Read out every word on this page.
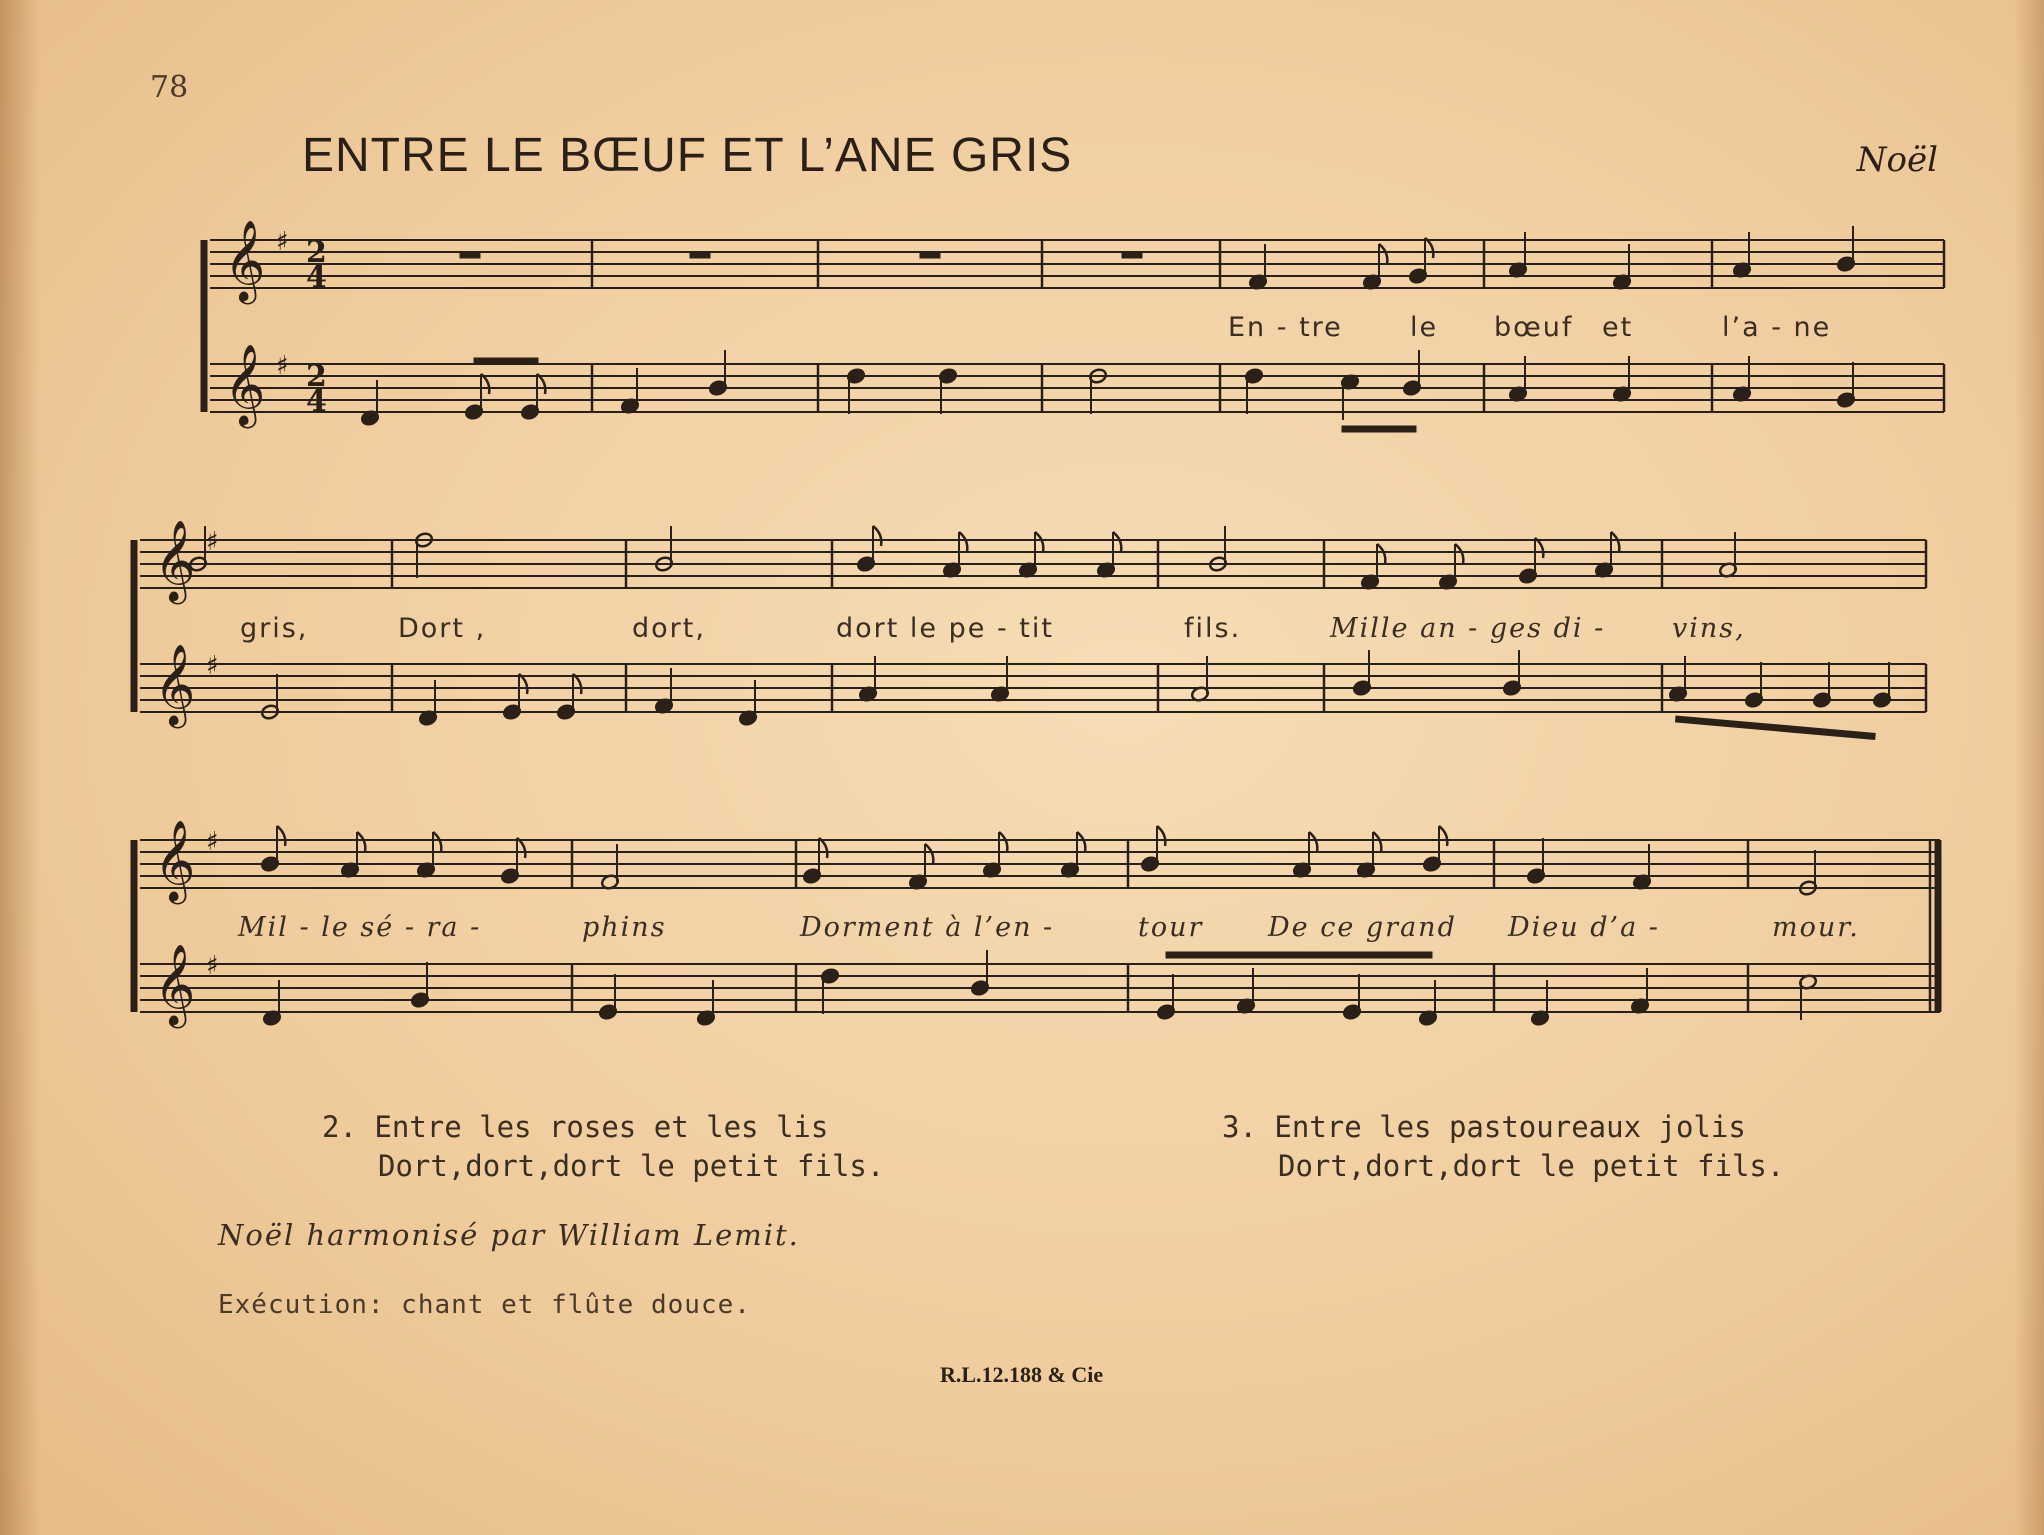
78
ENTRE LE BŒUF ET L’ANE GRIS	Noël
𝄞
𝄞
𝄞
𝄞
𝄞
𝄞
♯
♯
♯
♯
♯
♯
2
4
2
4
En - tre le bœuf et	l’a - ne
gris,	Dort ,	dort,	dort le pe - tit	fils.	Mille an - ges di - vins,
Mil - le sé - ra -	phins	Dorment à l’en -	tour De ce grand Dieu d’a -	mour.
2. Entre les roses et les lis
Dort,dort,dort le petit fils.
3. Entre les pastoureaux jolis
Dort,dort,dort le petit fils.
Noël harmonisé par William Lemit.
Exécution: chant et flûte douce.
R.L.12.188 & Cie
